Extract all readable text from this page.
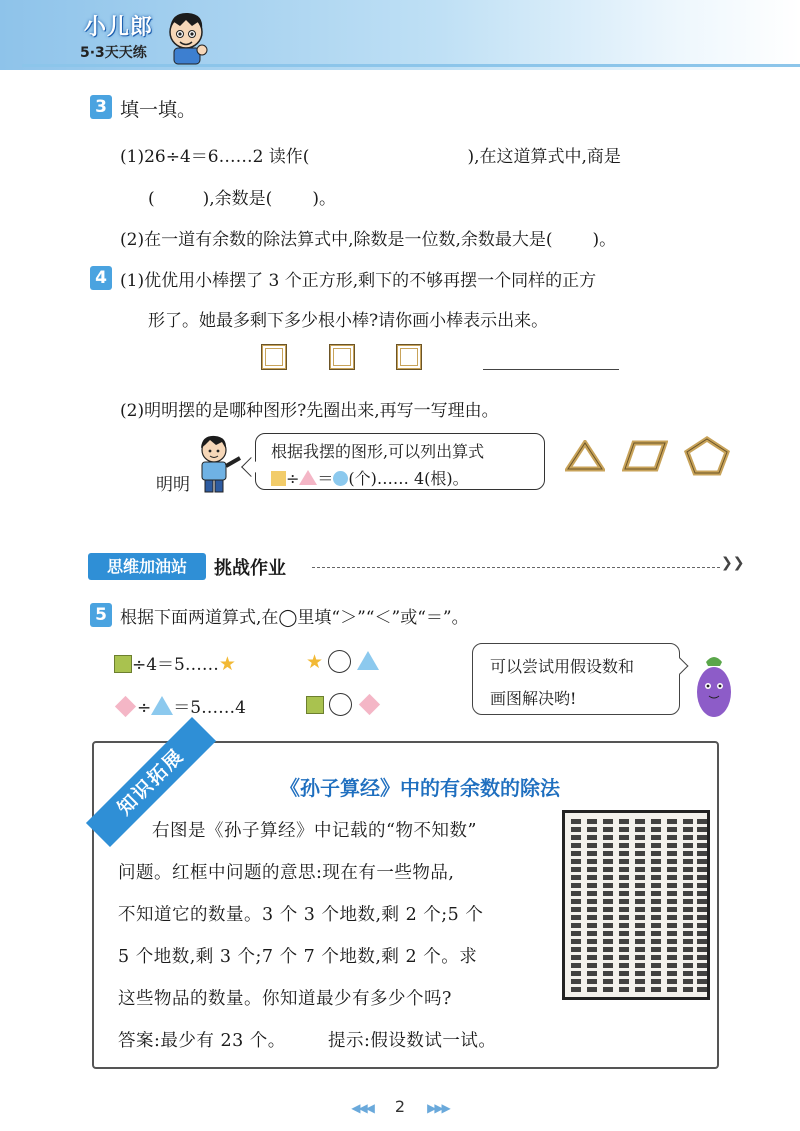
小儿郎
5·3天天练
3 填一填。
(1)26÷4＝6……2 读作(	),在这道算式中,商是
(	),余数是( )。
(2)在一道有余数的除法算式中,除数是一位数,余数最大是( )。
4 (1)优优用小棒摆了 3 个正方形,剩下的不够再摆一个同样的正方
形了。她最多剩下多少根小棒?请你画小棒表示出来。
(2)明明摆的是哪种图形?先圈出来,再写一写理由。
明明
根据我摆的图形,可以列出算式
÷ ＝ (个)…… 4(根)。
思维加油站	挑战作业	❯❯
5 根据下面两道算式,在◯里填“＞”“＜”或“＝”。
÷4＝5……★	★
÷ ＝5……4

可以尝试用假设数和
画图解决哟!
知识拓展	《孙子算经》中的有余数的除法
右图是《孙子算经》中记载的“物不知数”
问题。红框中问题的意思:现在有一些物品,
不知道它的数量。3 个 3 个地数,剩 2 个;5 个
5 个地数,剩 3 个;7 个 7 个地数,剩 2 个。求
这些物品的数量。你知道最少有多少个吗?
答案:最少有 23 个。 提示:假设数试一试。
◀◀◀ 2 ▶▶▶
